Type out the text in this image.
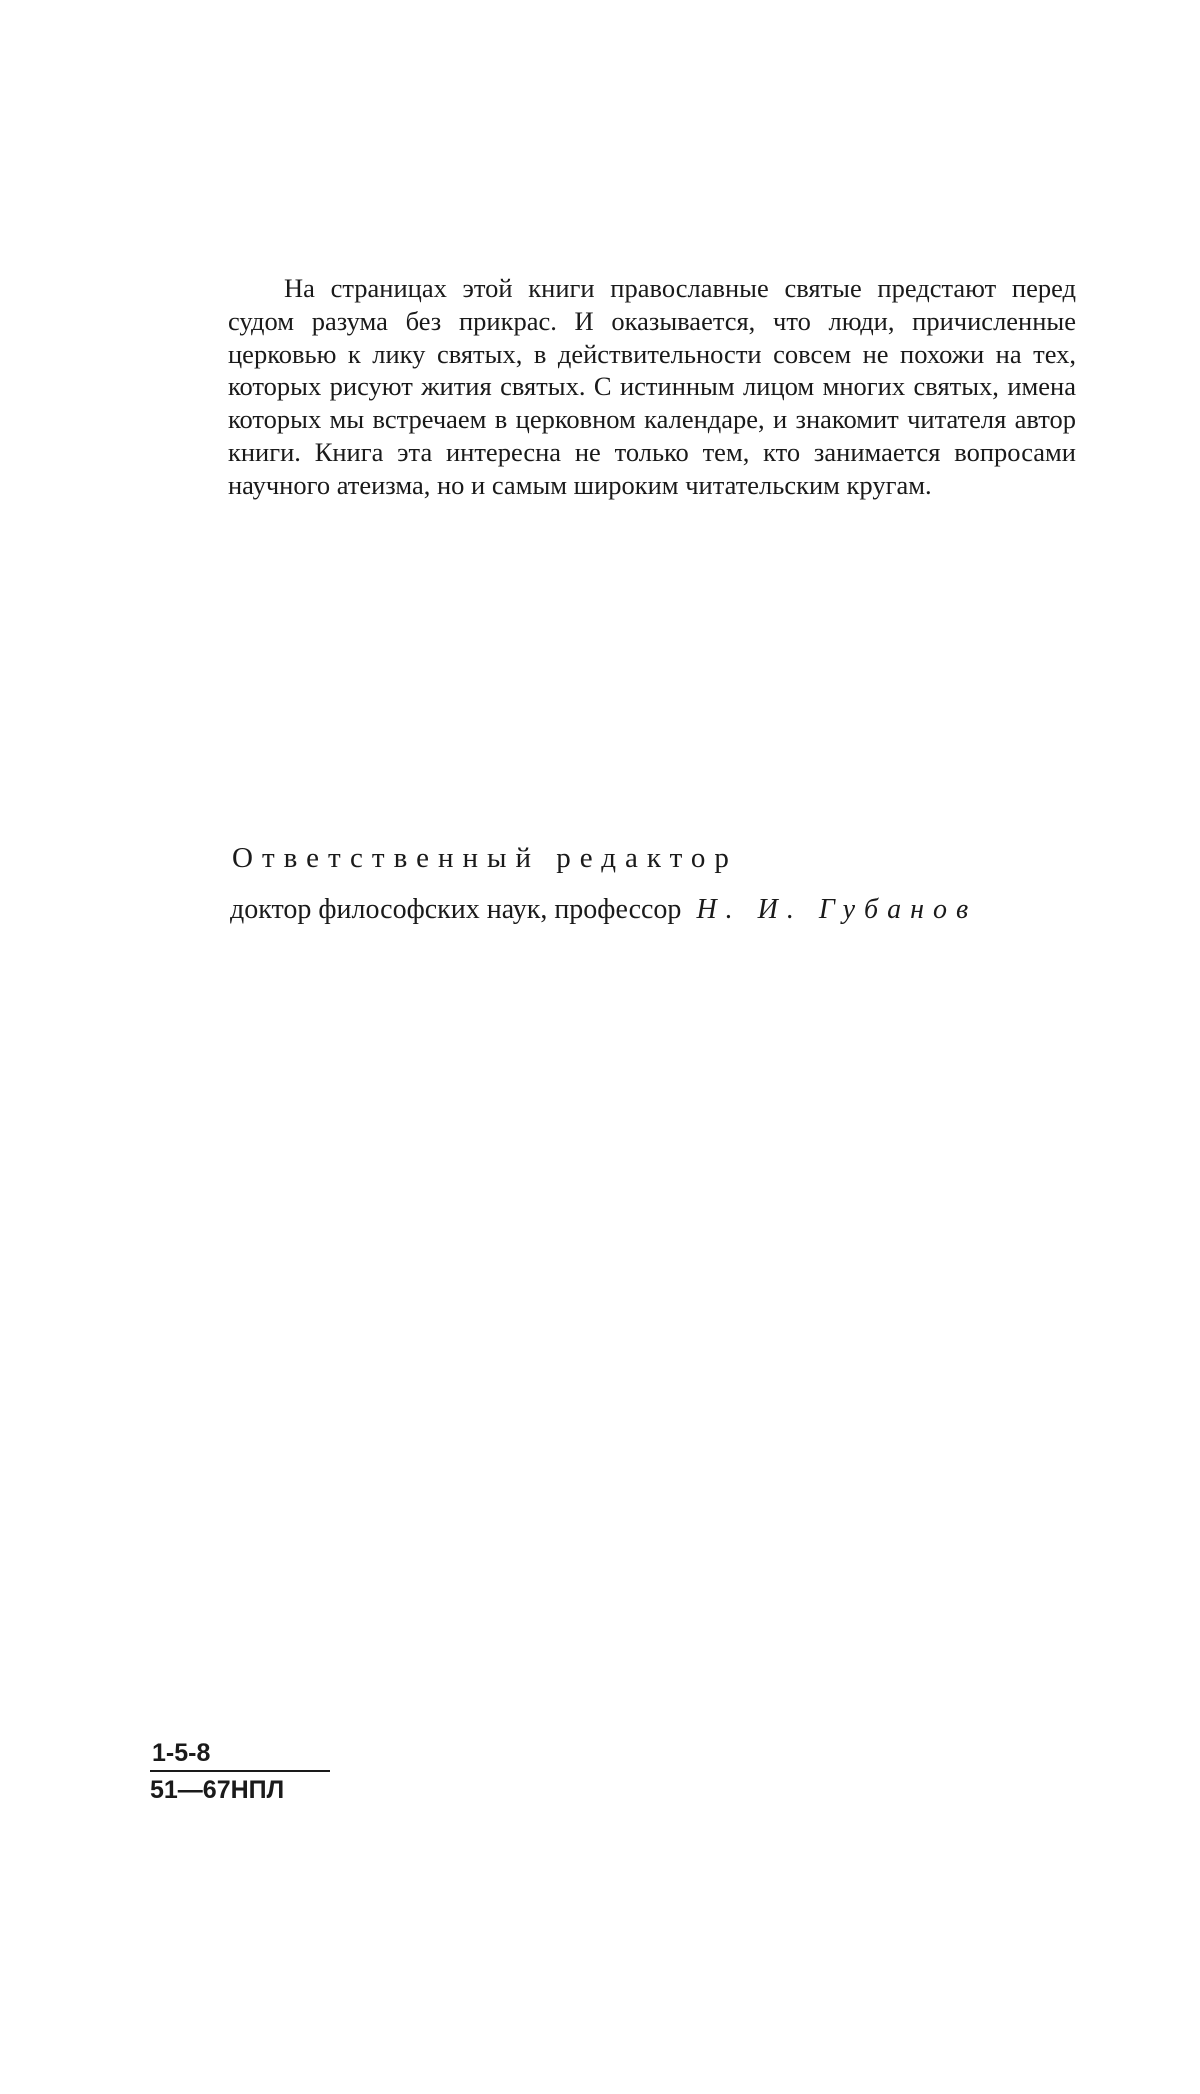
На страницах этой книги православные святые предстают перед судом разума без прикрас. И оказывается, что люди, причисленные церковью к лику святых, в действительности совсем не похожи на тех, которых рисуют жития святых. С истинным лицом многих святых, имена которых мы встречаем в церковном календаре, и знакомит читателя автор книги. Книга эта интересна не только тем, кто занимается вопросами научного атеизма, но и самым широким читательским кругам.

Ответственный редактор
доктор философских наук, профессор Н. И. Губанов
1-5-8
51—67НПЛ
